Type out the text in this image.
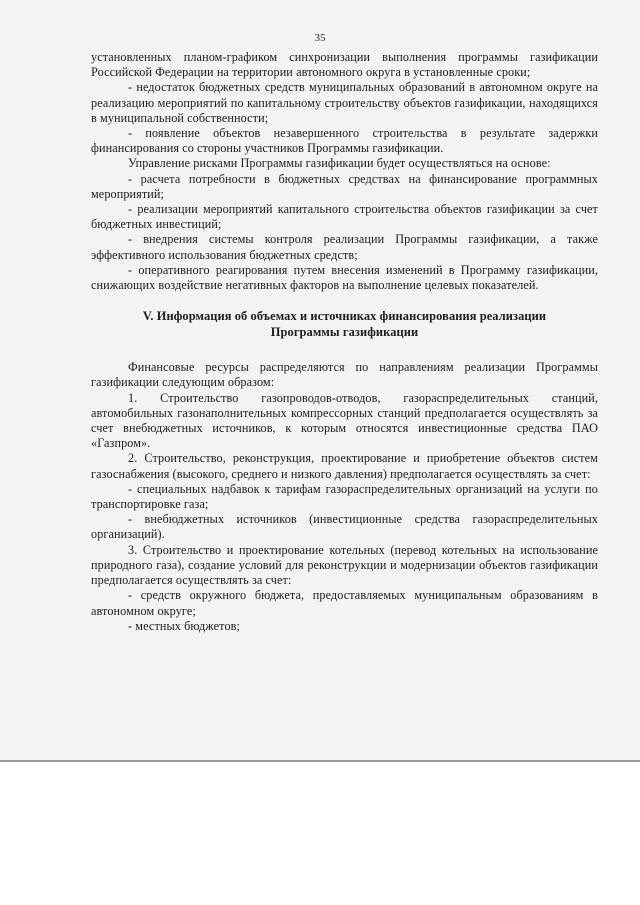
35

установленных планом-графиком синхронизации выполнения программы газификации Российской Федерации на территории автономного округа в установленные сроки;

- недостаток бюджетных средств муниципальных образований в автономном округе на реализацию мероприятий по капитальному строительству объектов газификации, находящихся в муниципальной собственности;

- появление объектов незавершенного строительства в результате задержки финансирования со стороны участников Программы газификации.

Управление рисками Программы газификации будет осуществляться на основе:

- расчета потребности в бюджетных средствах на финансирование программных мероприятий;

- реализации мероприятий капитального строительства объектов газификации за счет бюджетных инвестиций;

- внедрения системы контроля реализации Программы газификации, а также эффективного использования бюджетных средств;

- оперативного реагирования путем внесения изменений в Программу газификации, снижающих воздействие негативных факторов на выполнение целевых показателей.

V. Информация об объемах и источниках финансирования реализации Программы газификации

Финансовые ресурсы распределяются по направлениям реализации Программы газификации следующим образом:

1. Строительство газопроводов-отводов, газораспределительных станций, автомобильных газонаполнительных компрессорных станций предполагается осуществлять за счет внебюджетных источников, к которым относятся инвестиционные средства ПАО «Газпром».

2. Строительство, реконструкция, проектирование и приобретение объектов систем газоснабжения (высокого, среднего и низкого давления) предполагается осуществлять за счет:

- специальных надбавок к тарифам газораспределительных организаций на услуги по транспортировке газа;

- внебюджетных источников (инвестиционные средства газораспределительных организаций).

3. Строительство и проектирование котельных (перевод котельных на использование природного газа), создание условий для реконструкции и модернизации объектов газификации предполагается осуществлять за счет:

- средств окружного бюджета, предоставляемых муниципальным образованиям в автономном округе;

- местных бюджетов;
